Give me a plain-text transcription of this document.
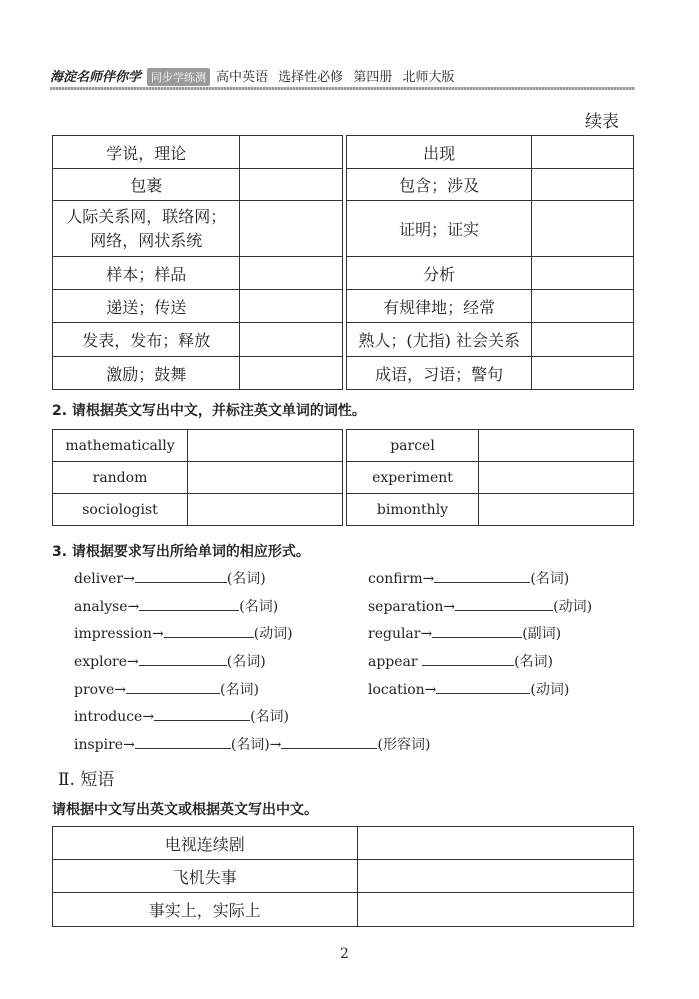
海淀名师伴你学 同步学练测 高中英语 选择性必修 第四册 北师大版
续表
学说，理论			出现	
包裹			包含；涉及	
人际关系网，联络网；网络，网状系统			证明；证实	
样本；样品			分析	
递送；传送			有规律地；经常	
发表，发布；释放			熟人；(尤指) 社会关系	
激励；鼓舞			成语，习语；警句	
2. 请根据英文写出中文，并标注英文单词的词性。
mathematically			parcel	
random			experiment	
sociologist			bimonthly	
3. 请根据要求写出所给单词的相应形式。
deliver→	(名词)	confirm→	(名词)
analyse→	(名词)	separation→	(动词)
impression→	(动词)	regular→	(副词)
explore→	(名词)	appear	(名词)
prove→	(名词)	location→	(动词)
introduce→	(名词)
inspire→	(名词)→	(形容词)
Ⅱ. 短语
请根据中文写出英文或根据英文写出中文。
电视连续剧	
飞机失事	
事实上，实际上	
2
